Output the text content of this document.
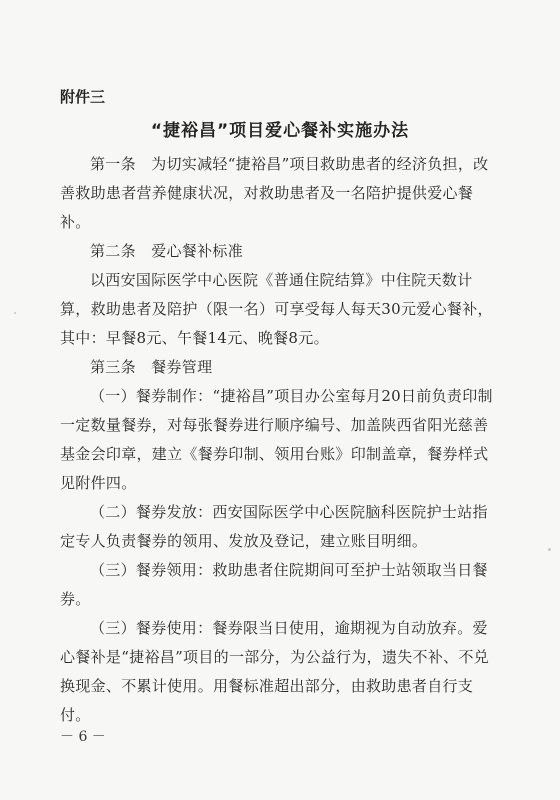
附件三
“捷裕昌”项目爱心餐补实施办法

第一条　为切实减轻“捷裕昌”项目救助患者的经济负担，改善救助患者营养健康状况，对救助患者及一名陪护提供爱心餐补。

第二条　爱心餐补标准

以西安国际医学中心医院《普通住院结算》中住院天数计算，救助患者及陪护（限一名）可享受每人每天30元爱心餐补，其中：早餐8元、午餐14元、晚餐8元。

第三条　餐券管理

（一）餐券制作：“捷裕昌”项目办公室每月20日前负责印制一定数量餐券，对每张餐券进行顺序编号、加盖陕西省阳光慈善基金会印章，建立《餐券印制、领用台账》印制盖章，餐券样式见附件四。

（二）餐券发放：西安国际医学中心医院脑科医院护士站指定专人负责餐券的领用、发放及登记，建立账目明细。

（三）餐券领用：救助患者住院期间可至护士站领取当日餐券。

（三）餐券使用：餐券限当日使用，逾期视为自动放弃。爱心餐补是“捷裕昌”项目的一部分，为公益行为，遗失不补、不兑换现金、不累计使用。用餐标准超出部分，由救助患者自行支付。

－ 6 －
